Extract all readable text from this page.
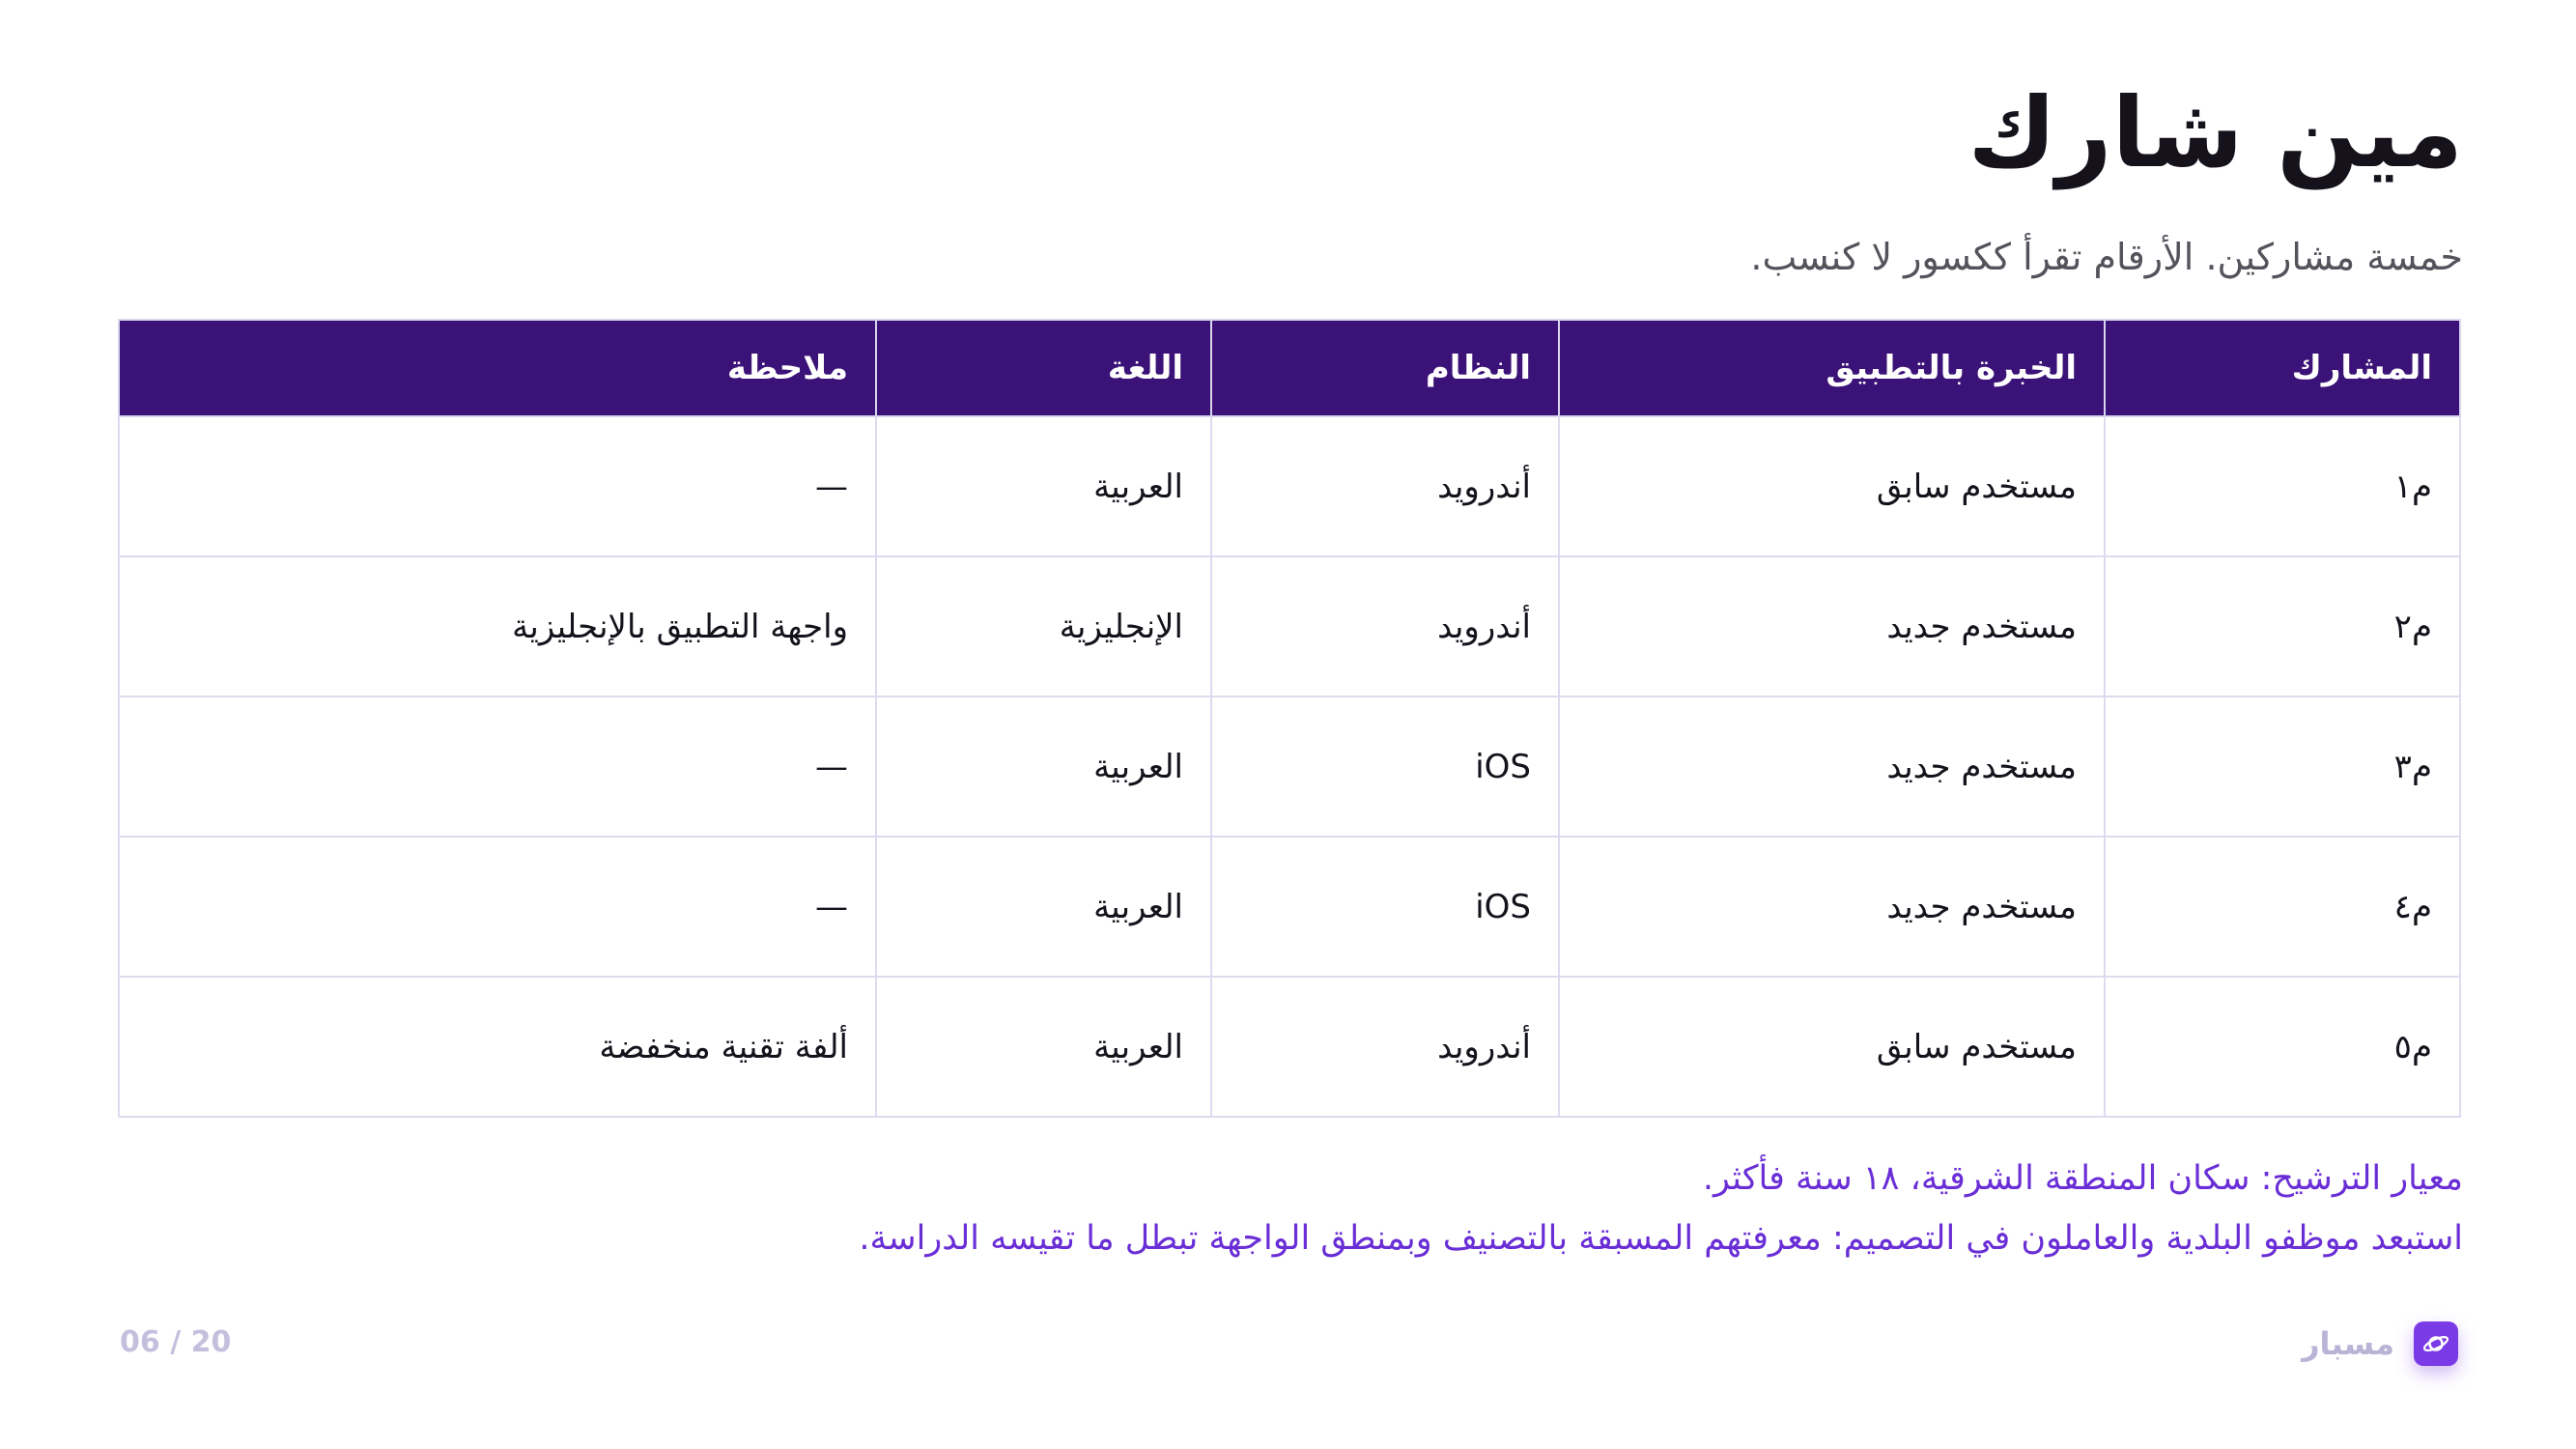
مين شارك
خمسة مشاركين. الأرقام تقرأ ككسور لا كنسب.
المشارك	الخبرة بالتطبيق	النظام	اللغة	ملاحظة
م١	مستخدم سابق	أندرويد	العربية	—
م٢	مستخدم جديد	أندرويد	الإنجليزية	واجهة التطبيق بالإنجليزية
م٣	مستخدم جديد	iOS	العربية	—
م٤	مستخدم جديد	iOS	العربية	—
م٥	مستخدم سابق	أندرويد	العربية	ألفة تقنية منخفضة
معيار الترشيح: سكان المنطقة الشرقية، ١٨ سنة فأكثر.
استبعد موظفو البلدية والعاملون في التصميم: معرفتهم المسبقة بالتصنيف وبمنطق الواجهة تبطل ما تقيسه الدراسة.
مسبار
06 / 20
